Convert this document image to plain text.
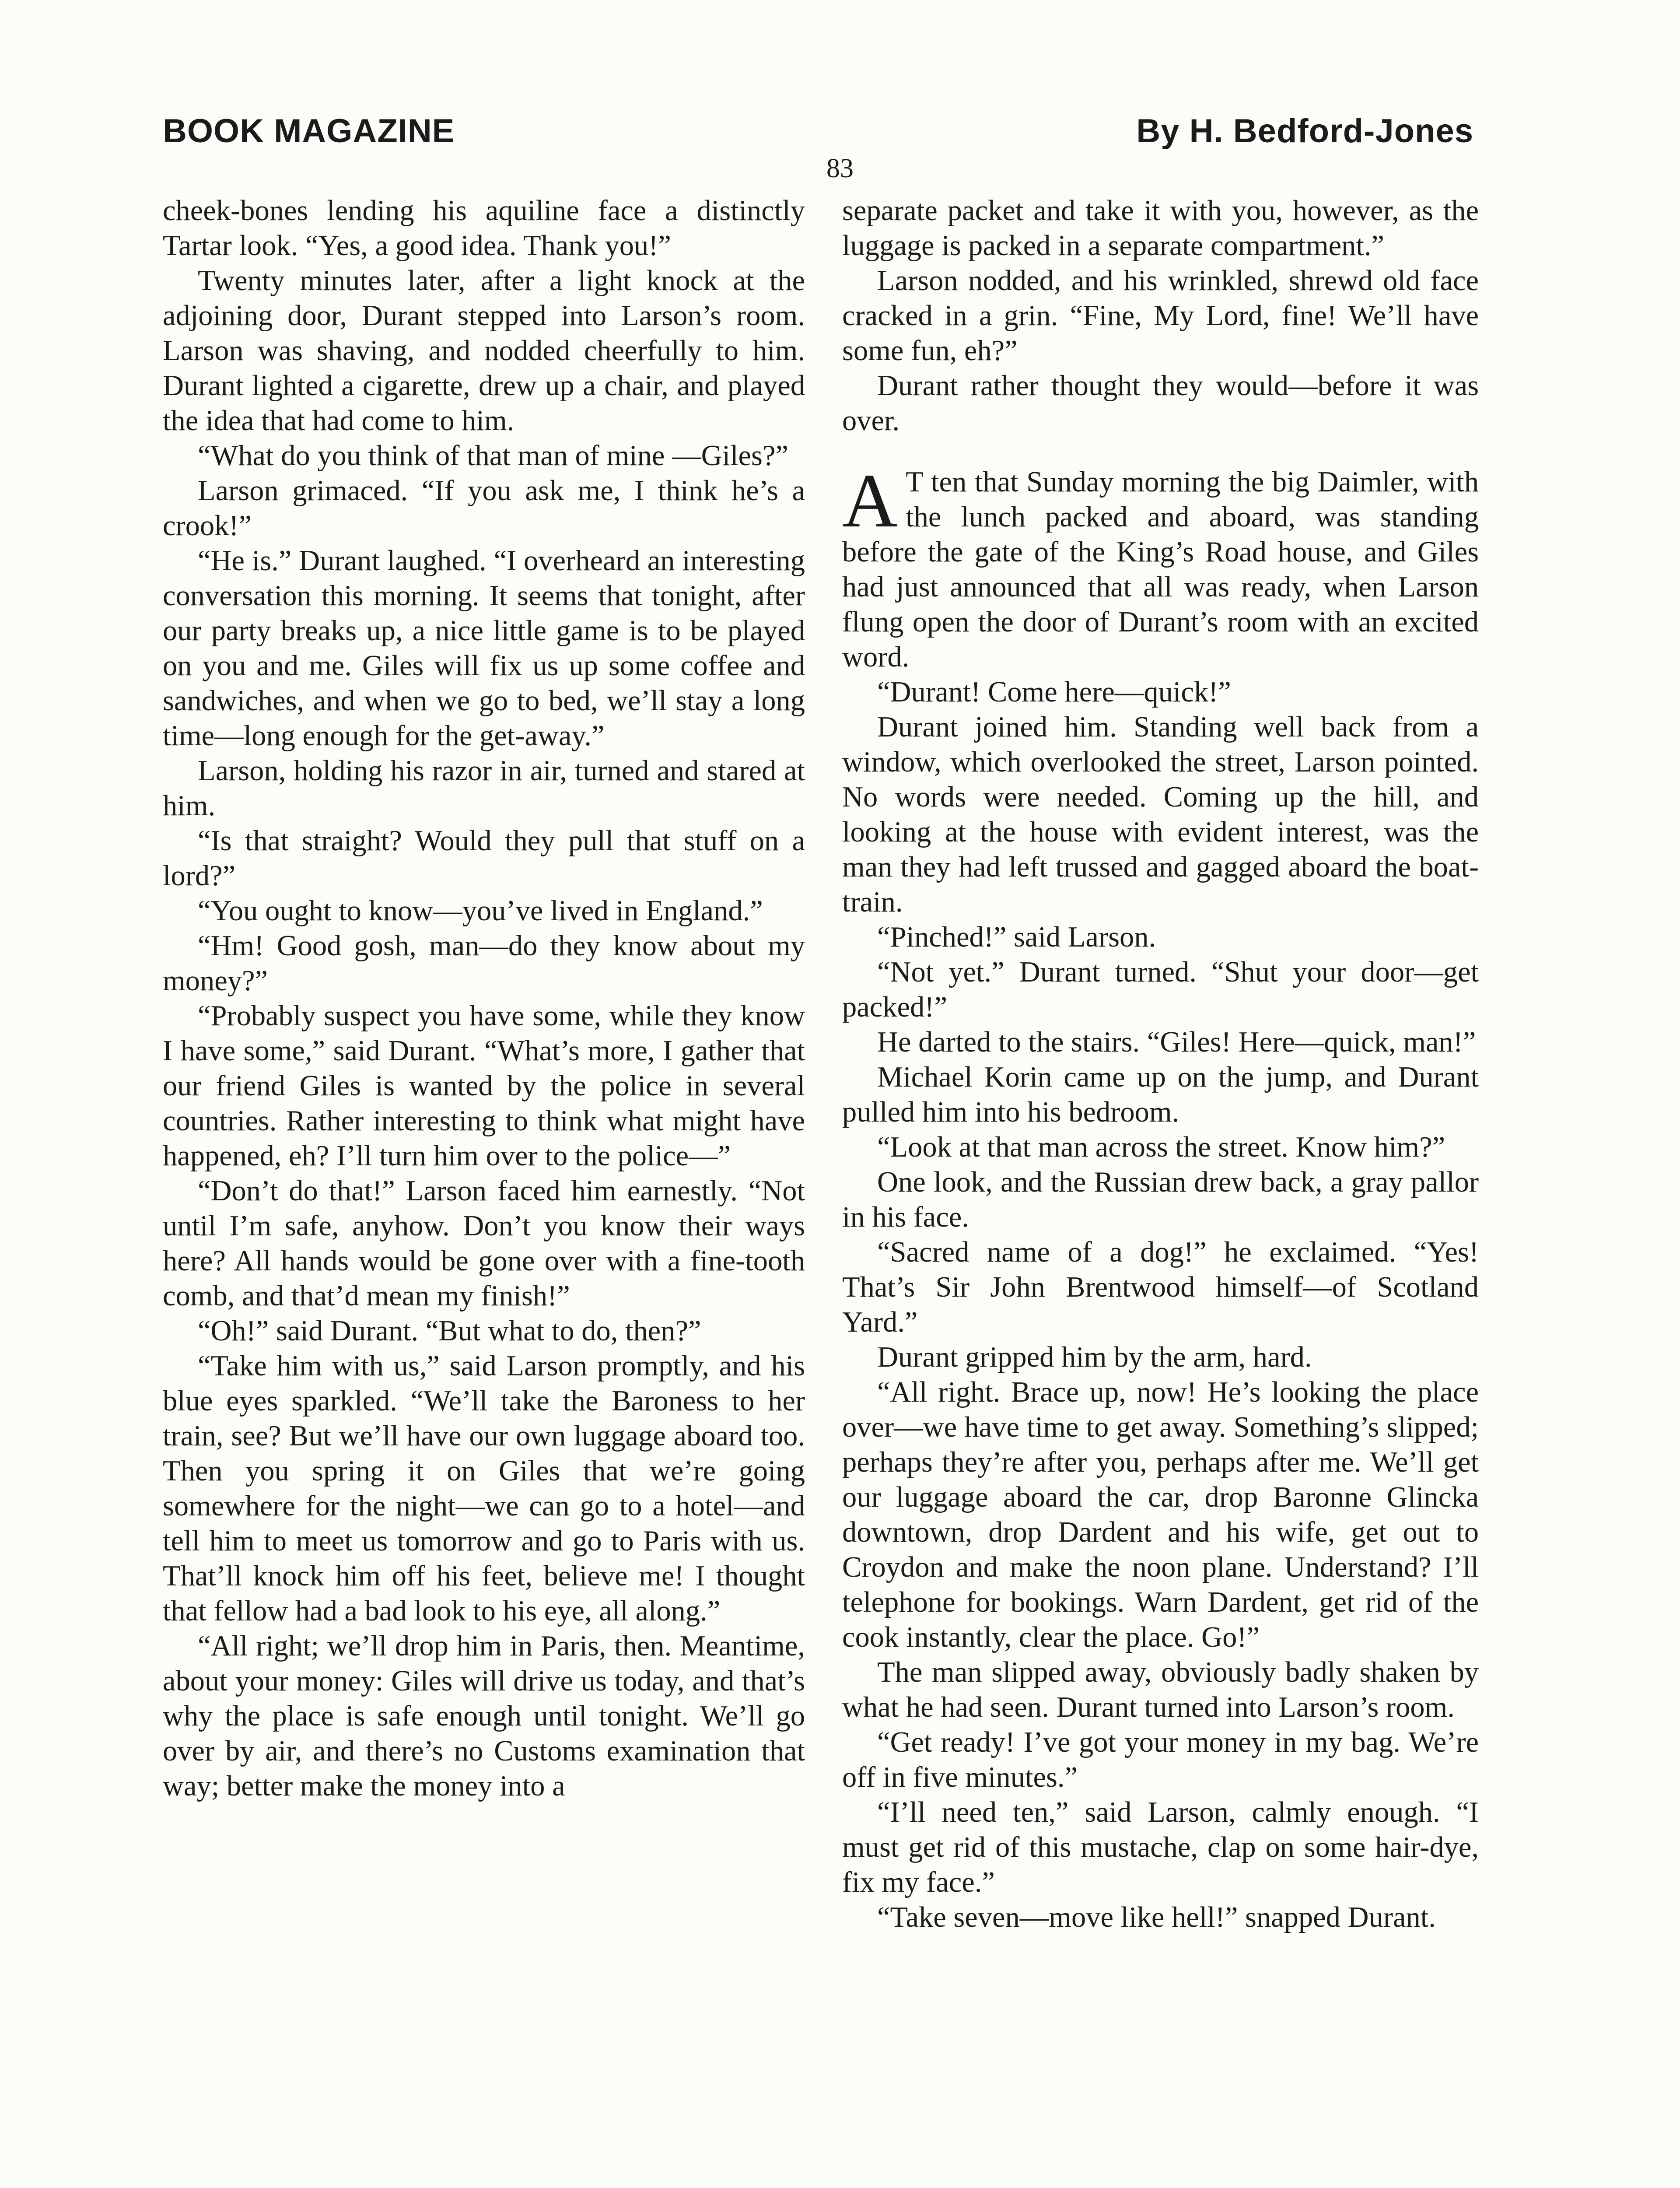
BOOK MAGAZINE	By H. Bedford-Jones
83

cheek-bones lending his aquiline face a distinctly Tartar look. “Yes, a good idea. Thank you!”

Twenty minutes later, after a light knock at the adjoining door, Durant stepped into Larson’s room. Larson was shaving, and nodded cheerfully to him. Durant lighted a cigarette, drew up a chair, and played the idea that had come to him.

“What do you think of that man of mine —Giles?”

Larson grimaced. “If you ask me, I think he’s a crook!”

“He is.” Durant laughed. “I overheard an interesting conversation this morning. It seems that tonight, after our party breaks up, a nice little game is to be played on you and me. Giles will fix us up some coffee and sandwiches, and when we go to bed, we’ll stay a long time—long enough for the get-away.”

Larson, holding his razor in air, turned and stared at him.

“Is that straight? Would they pull that stuff on a lord?”

“You ought to know—you’ve lived in England.”

“Hm! Good gosh, man—do they know about my money?”

“Probably suspect you have some, while they know I have some,” said Durant. “What’s more, I gather that our friend Giles is wanted by the police in several countries. Rather interesting to think what might have happened, eh? I’ll turn him over to the police—”

“Don’t do that!” Larson faced him earnestly. “Not until I’m safe, anyhow. Don’t you know their ways here? All hands would be gone over with a fine-tooth comb, and that’d mean my finish!”

“Oh!” said Durant. “But what to do, then?”

“Take him with us,” said Larson promptly, and his blue eyes sparkled. “We’ll take the Baroness to her train, see? But we’ll have our own luggage aboard too. Then you spring it on Giles that we’re going somewhere for the night—we can go to a hotel—and tell him to meet us tomorrow and go to Paris with us. That’ll knock him off his feet, believe me! I thought that fellow had a bad look to his eye, all along.”

“All right; we’ll drop him in Paris, then. Meantime, about your money: Giles will drive us today, and that’s why the place is safe enough until tonight. We’ll go over by air, and there’s no Customs examination that way; better make the money into a

separate packet and take it with you, however, as the luggage is packed in a separate compartment.”

Larson nodded, and his wrinkled, shrewd old face cracked in a grin. “Fine, My Lord, fine! We’ll have some fun, eh?”

Durant rather thought they would—before it was over.

A T ten that Sunday morning the big Daimler, with the lunch packed and aboard, was standing before the gate of the King’s Road house, and Giles had just announced that all was ready, when Larson flung open the door of Durant’s room with an excited word.

“Durant! Come here—quick!”

Durant joined him. Standing well back from a window, which overlooked the street, Larson pointed. No words were needed. Coming up the hill, and looking at the house with evident interest, was the man they had left trussed and gagged aboard the boat-train.

“Pinched!” said Larson.

“Not yet.” Durant turned. “Shut your door—get packed!”

He darted to the stairs. “Giles! Here—quick, man!”

Michael Korin came up on the jump, and Durant pulled him into his bedroom.

“Look at that man across the street. Know him?”

One look, and the Russian drew back, a gray pallor in his face.

“Sacred name of a dog!” he exclaimed. “Yes! That’s Sir John Brentwood himself—of Scotland Yard.”

Durant gripped him by the arm, hard.

“All right. Brace up, now! He’s looking the place over—we have time to get away. Something’s slipped; perhaps they’re after you, perhaps after me. We’ll get our luggage aboard the car, drop Baronne Glincka downtown, drop Dardent and his wife, get out to Croydon and make the noon plane. Understand? I’ll telephone for bookings. Warn Dardent, get rid of the cook instantly, clear the place. Go!”

The man slipped away, obviously badly shaken by what he had seen. Durant turned into Larson’s room.

“Get ready! I’ve got your money in my bag. We’re off in five minutes.”

“I’ll need ten,” said Larson, calmly enough. “I must get rid of this mustache, clap on some hair-dye, fix my face.”

“Take seven—move like hell!” snapped Durant.
